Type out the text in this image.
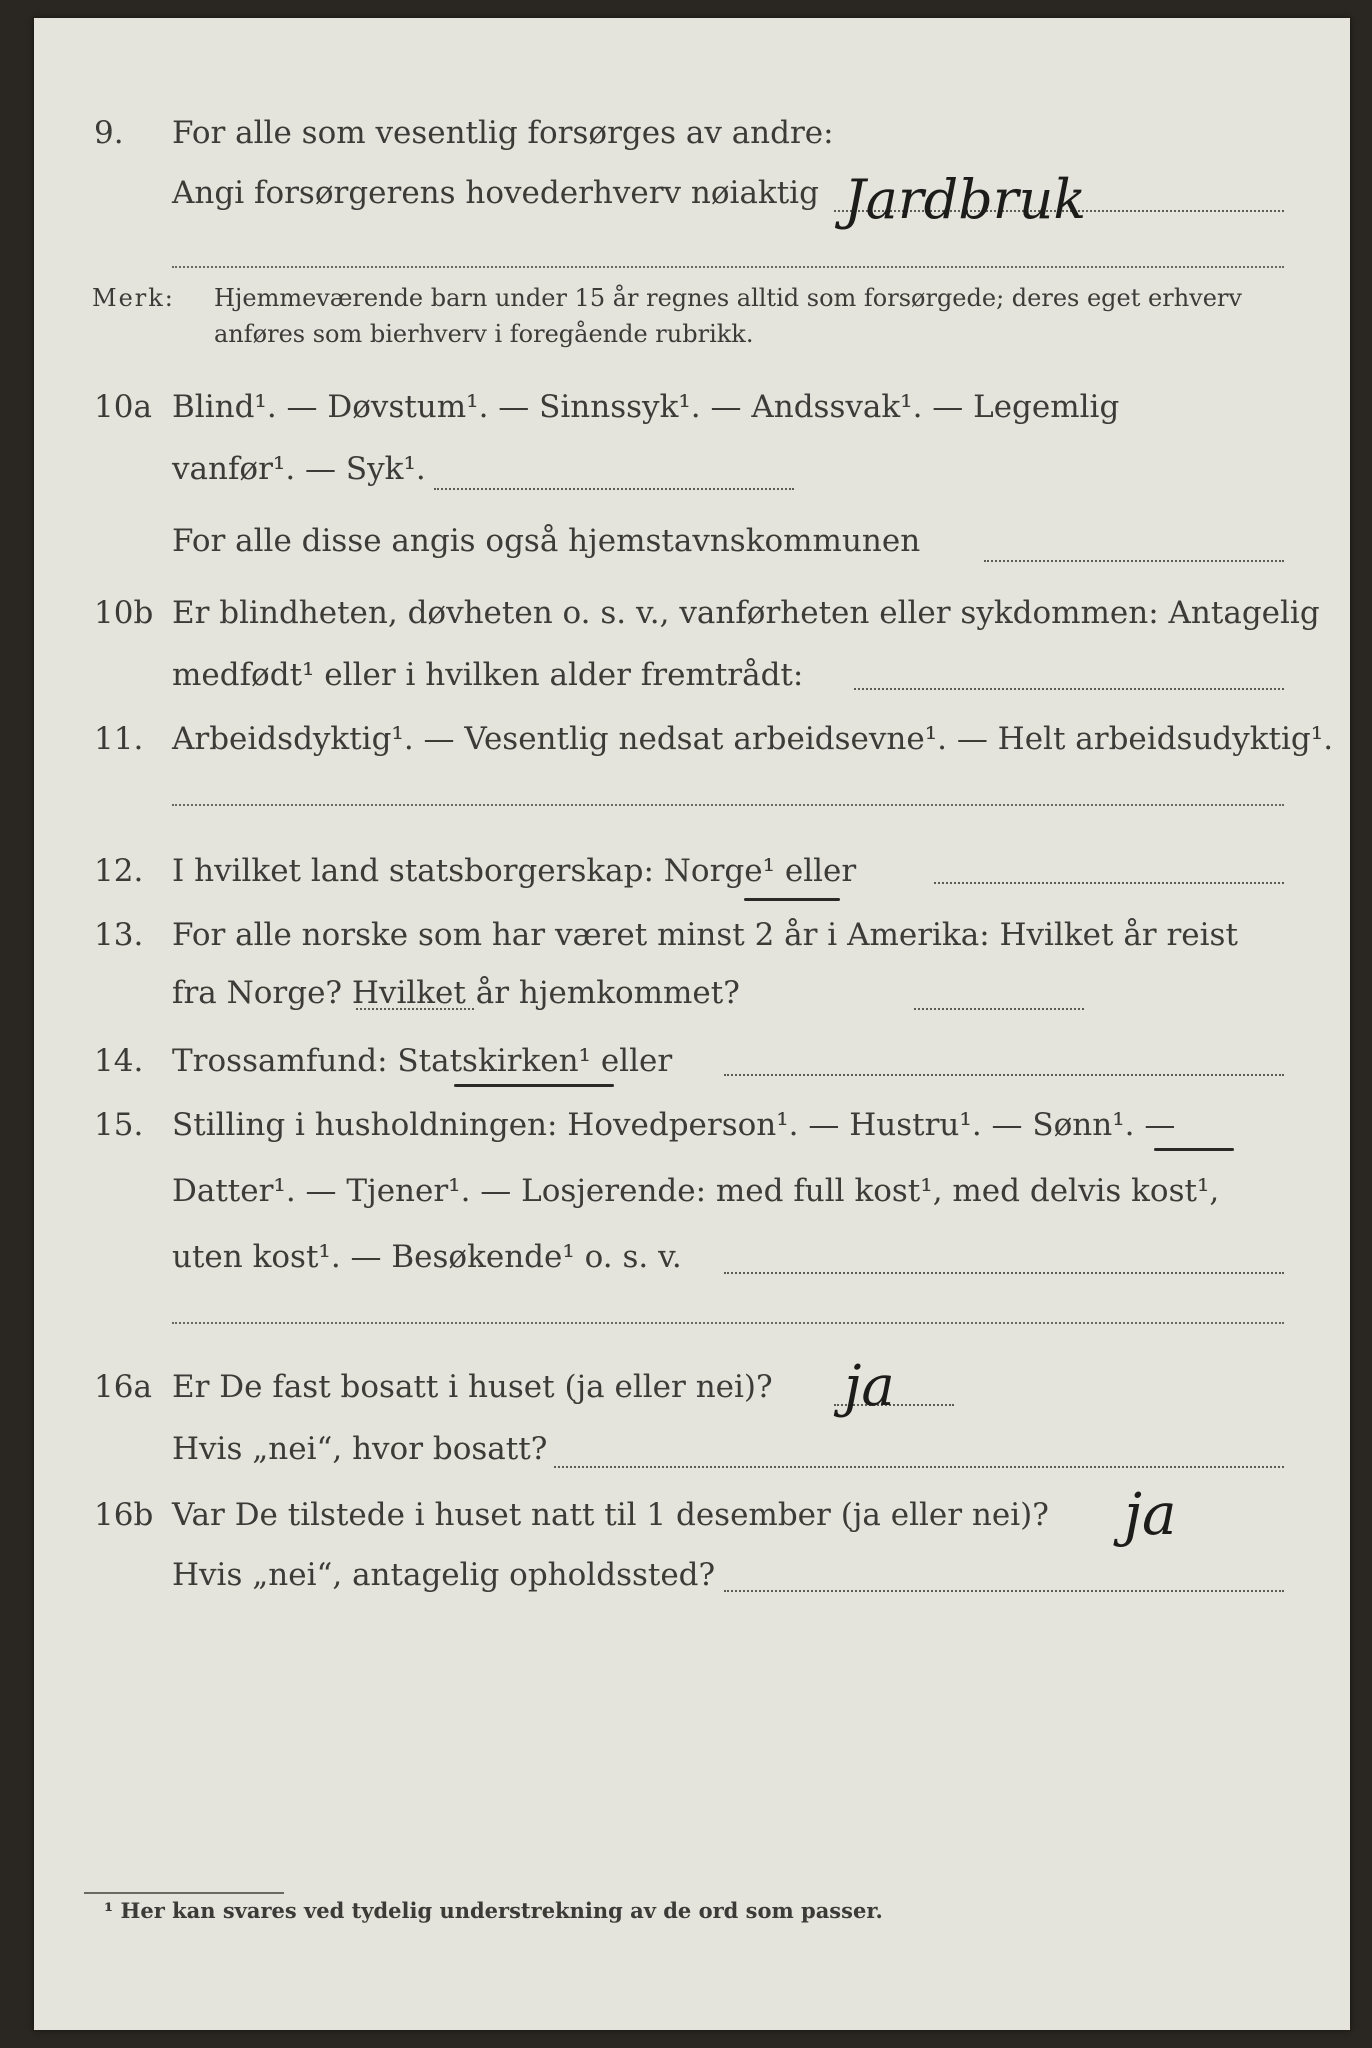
9. For alle som vesentlig forsørges av andre:
Angi forsørgerens hovederhverv nøiaktig Jardbruk
Merk: Hjemmeværende barn under 15 år regnes alltid som forsørgede; deres eget erhverv
anføres som bierhverv i foregående rubrikk.
10a Blind¹. — Døvstum¹. — Sinnssyk¹. — Andssvak¹. — Legemlig
vanfør¹. — Syk¹.
For alle disse angis også hjemstavnskommunen
10b Er blindheten, døvheten o. s. v., vanførheten eller sykdommen: Antagelig
medfødt¹ eller i hvilken alder fremtrådt:
11. Arbeidsdyktig¹. — Vesentlig nedsat arbeidsevne¹. — Helt arbeidsudyktig¹.
12. I hvilket land statsborgerskap: Norge¹ eller
13. For alle norske som har været minst 2 år i Amerika: Hvilket år reist
fra Norge? Hvilket år hjemkommet?
14. Trossamfund: Statskirken¹ eller
15. Stilling i husholdningen: Hovedperson¹. — Hustru¹. — Sønn¹. —
Datter¹. — Tjener¹. — Losjerende: med full kost¹, med delvis kost¹,
uten kost¹. — Besøkende¹ o. s. v.
16a Er De fast bosatt i huset (ja eller nei)? ja
Hvis „nei“, hvor bosatt?
16b Var De tilstede i huset natt til 1 desember (ja eller nei)? ja
Hvis „nei“, antagelig opholdssted?
¹ Her kan svares ved tydelig understrekning av de ord som passer.
